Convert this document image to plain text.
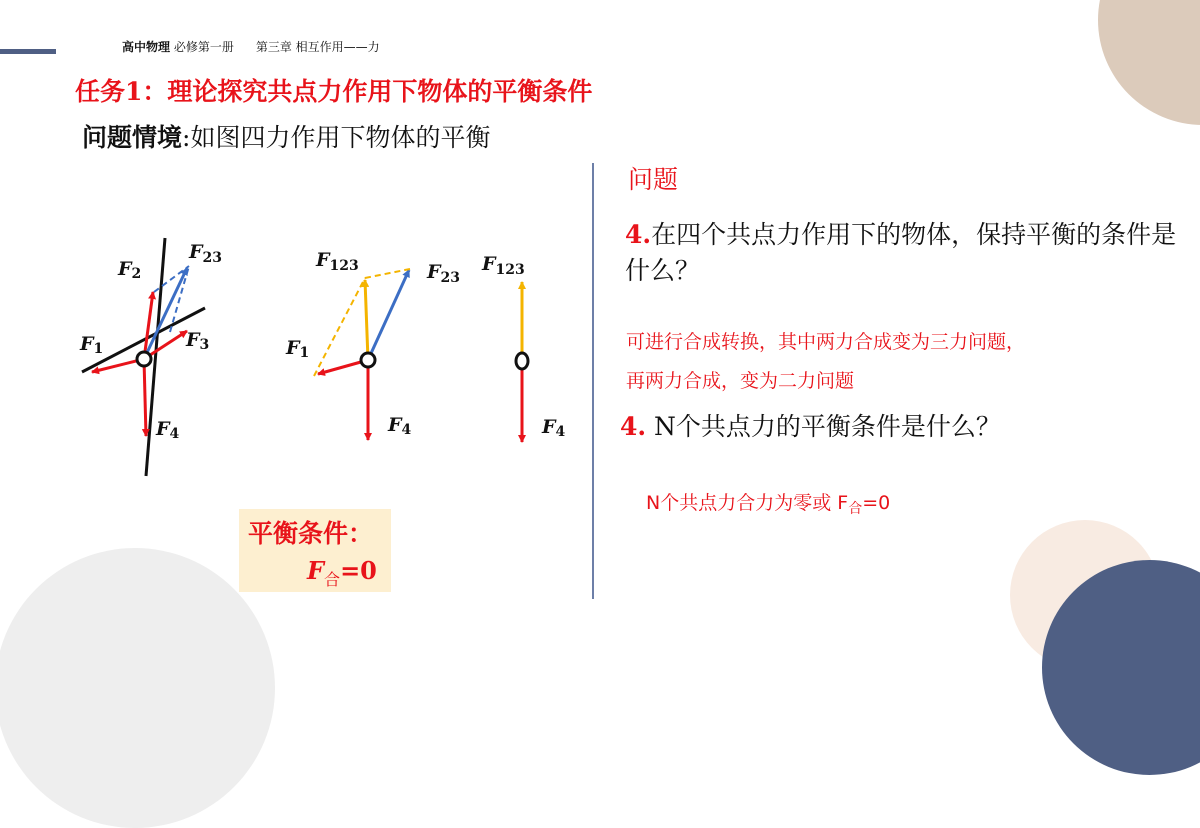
高中物理 必修第一册 第三章 相互作用——力
任务1：理论探究共点力作用下物体的平衡条件
问题情境:如图四力作用下物体的平衡
F2
$F_{23}$
F3
F1
F4
$F_{123}$	$F_{23}$
F1
F4
$F_{123}$
F4
平衡条件：
$F_合=0$
问题
4.在四个共点力作用下的物体，保持平衡的条件是什么？
可进行合成转换，其中两力合成变为三力问题，
再两力合成，变为二力问题
4. N个共点力的平衡条件是什么？
N个共点力合力为零或 $F_合=0$
